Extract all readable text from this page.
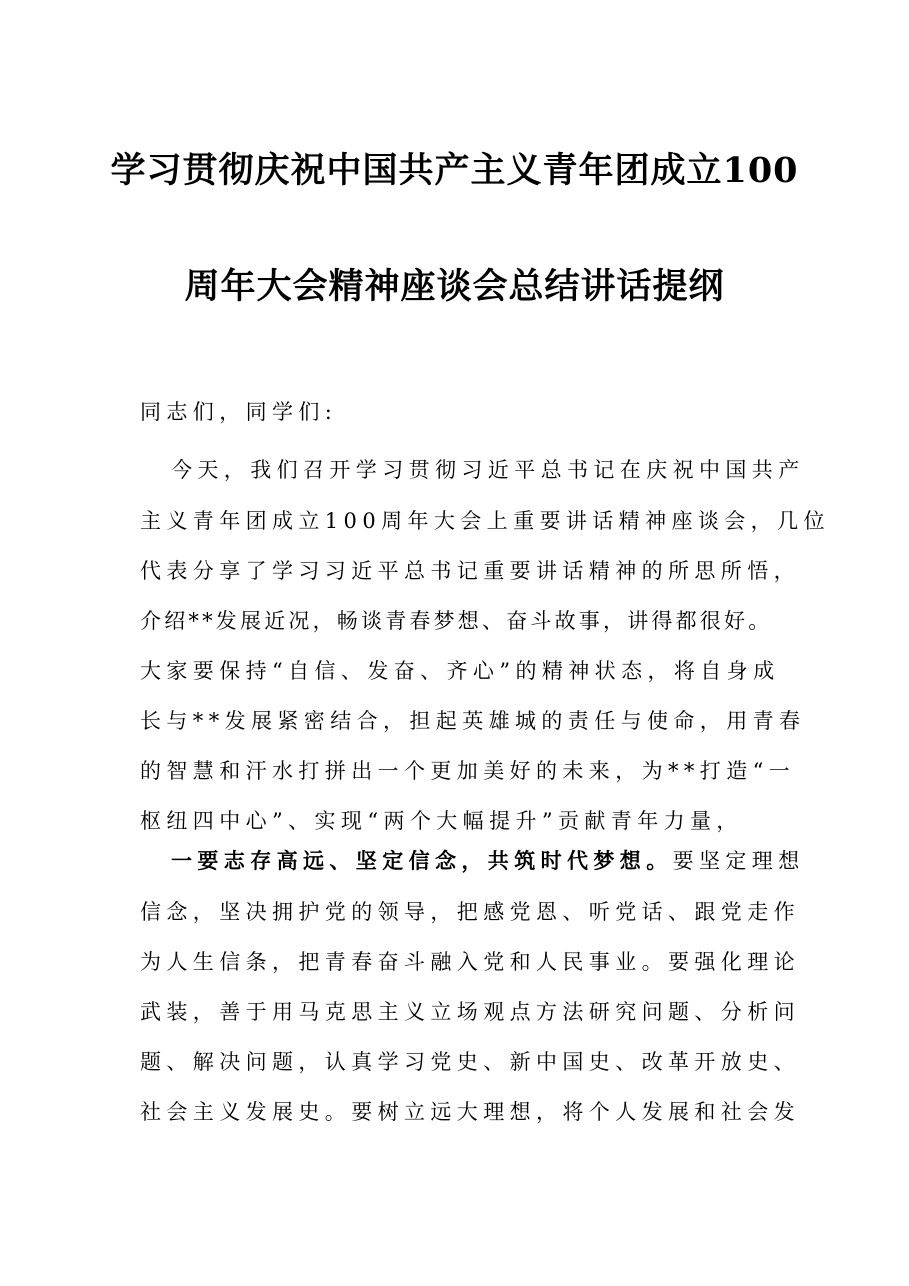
学习贯彻庆祝中国共产主义青年团成立100
周年大会精神座谈会总结讲话提纲
同志们，同学们:
今天，我们召开学习贯彻习近平总书记在庆祝中国共产
主义青年团成立100周年大会上重要讲话精神座谈会，几位
代表分享了学习习近平总书记重要讲话精神的所思所悟，
介绍**发展近况，畅谈青春梦想、奋斗故事，讲得都很好。
大家要保持“自信、发奋、齐心”的精神状态，将自身成
长与**发展紧密结合，担起英雄城的责任与使命，用青春
的智慧和汗水打拼出一个更加美好的未来，为**打造“一
枢纽四中心”、实现“两个大幅提升”贡献青年力量，
一要志存高远、坚定信念，共筑时代梦想。要坚定理想
信念，坚决拥护党的领导，把感党恩、听党话、跟党走作
为人生信条，把青春奋斗融入党和人民事业。要强化理论
武装，善于用马克思主义立场观点方法研究问题、分析问
题、解决问题，认真学习党史、新中国史、改革开放史、
社会主义发展史。要树立远大理想，将个人发展和社会发
